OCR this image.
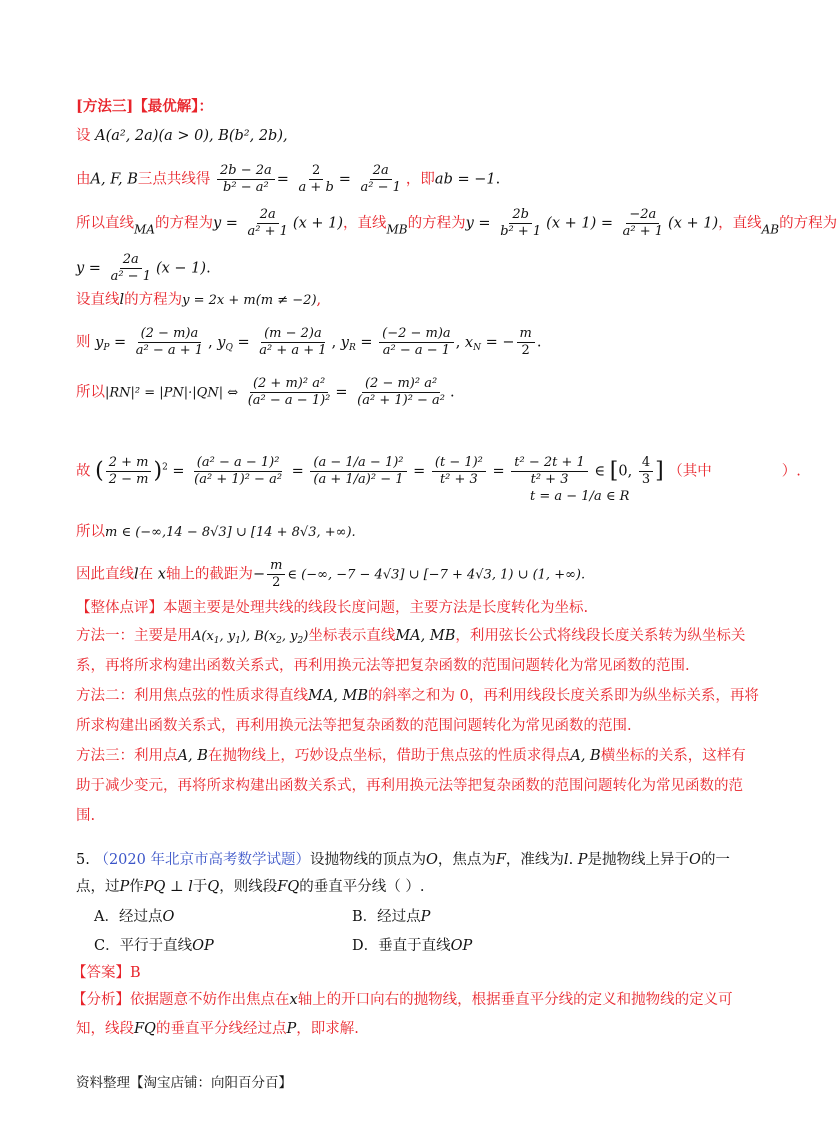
[方法三]【最优解】：
设 A(a², 2a)(a > 0), B(b², 2b),
由A, F, B三点共线得 $\frac{2b - 2a}{\text{b² − a²}} = \frac{2}{a + b} = \frac{2a}{\text{a² − 1}}$ ，即ab = −1.
所以直线$_{MA}$的方程为$y = \frac{2a}{\text{a² + 1}} (x + 1)$，直线$_{MB}$的方程为$y = \frac{2b}{\text{b² + 1}} (x + 1) = \frac{-2a}{\text{a² + 1}} (x + 1)$，直线$_{AB}$的方程为
$y = \frac{2a}{\text{a² − 1}} (x - 1)$.
设直线l的方程为y = 2x + m(m ≠ −2),
则 $y_P = \frac{(2 - m)a}{\text{a² − a + 1}}$ , $y_Q = \frac{(m - 2)a}{\text{a² + a + 1}}$ , $y_R = \frac{(-2 - m)a}{\text{a² − a − 1}}$ , $x_N$ = − $\frac{m}{2}$ .
所以|RN|² = |PN|·|QN| ⇔ $\frac{\text{(2 + m)² a²}}{\text{(a² − a − 1)²}} = \frac{\text{(2 − m)² a²}}{\text{(a² + 1)² − a²}}$ .
故 ( $\frac{2 + m}{2 - m} )^2 = \frac{\text{(a² − a − 1)²}}{\text{(a² + 1)² − a²}} = \frac{\text{(a − 1/a − 1)²}}{\text{(a + 1/a)² − 1}} = \frac{\text{(t − 1)²}}{\text{t² + 3}} = \frac{\text{t² − 2t + 1}}{\text{t² + 3}}$ ∈ [0, $\frac{4}{3}$ ] （其中	）.
t = a − 1/a ∈ R
所以m ∈ (−∞,14 − 8√3] ∪ [14 + 8√3, +∞).
因此直线l在 x轴上的截距为− $\frac{m}{2}$ ∈ (−∞, −7 − 4√3] ∪ [−7 + 4√3, 1) ∪ (1, +∞).
【整体点评】本题主要是处理共线的线段长度问题，主要方法是长度转化为坐标.
方法一：主要是用$A(x_1$, $y_1$), $B(x_2$, $y_2$)坐标表示直线MA, MB，利用弦长公式将线段长度关系转为纵坐标关
系，再将所求构建出函数关系式，再利用换元法等把复杂函数的范围问题转化为常见函数的范围.
方法二：利用焦点弦的性质求得直线MA, MB的斜率之和为 0，再利用线段长度关系即为纵坐标关系，再将
所求构建出函数关系式，再利用换元法等把复杂函数的范围问题转化为常见函数的范围.
方法三：利用点A, B在抛物线上，巧妙设点坐标，借助于焦点弦的性质求得点A, B横坐标的关系，这样有
助于减少变元，再将所求构建出函数关系式，再利用换元法等把复杂函数的范围问题转化为常见函数的范
围.
5. （2020 年北京市高考数学试题）设抛物线的顶点为O，焦点为F，准线为l. P是抛物线上异于O的一
点，过P作PQ ⊥ l于Q，则线段FQ的垂直平分线（ ）.
A．经过点O	B．经过点P
C．平行于直线OP	D．垂直于直线OP
【答案】B
【分析】依据题意不妨作出焦点在x轴上的开口向右的抛物线，根据垂直平分线的定义和抛物线的定义可
知，线段FQ的垂直平分线经过点P，即求解.
资料整理【淘宝店铺：向阳百分百】
